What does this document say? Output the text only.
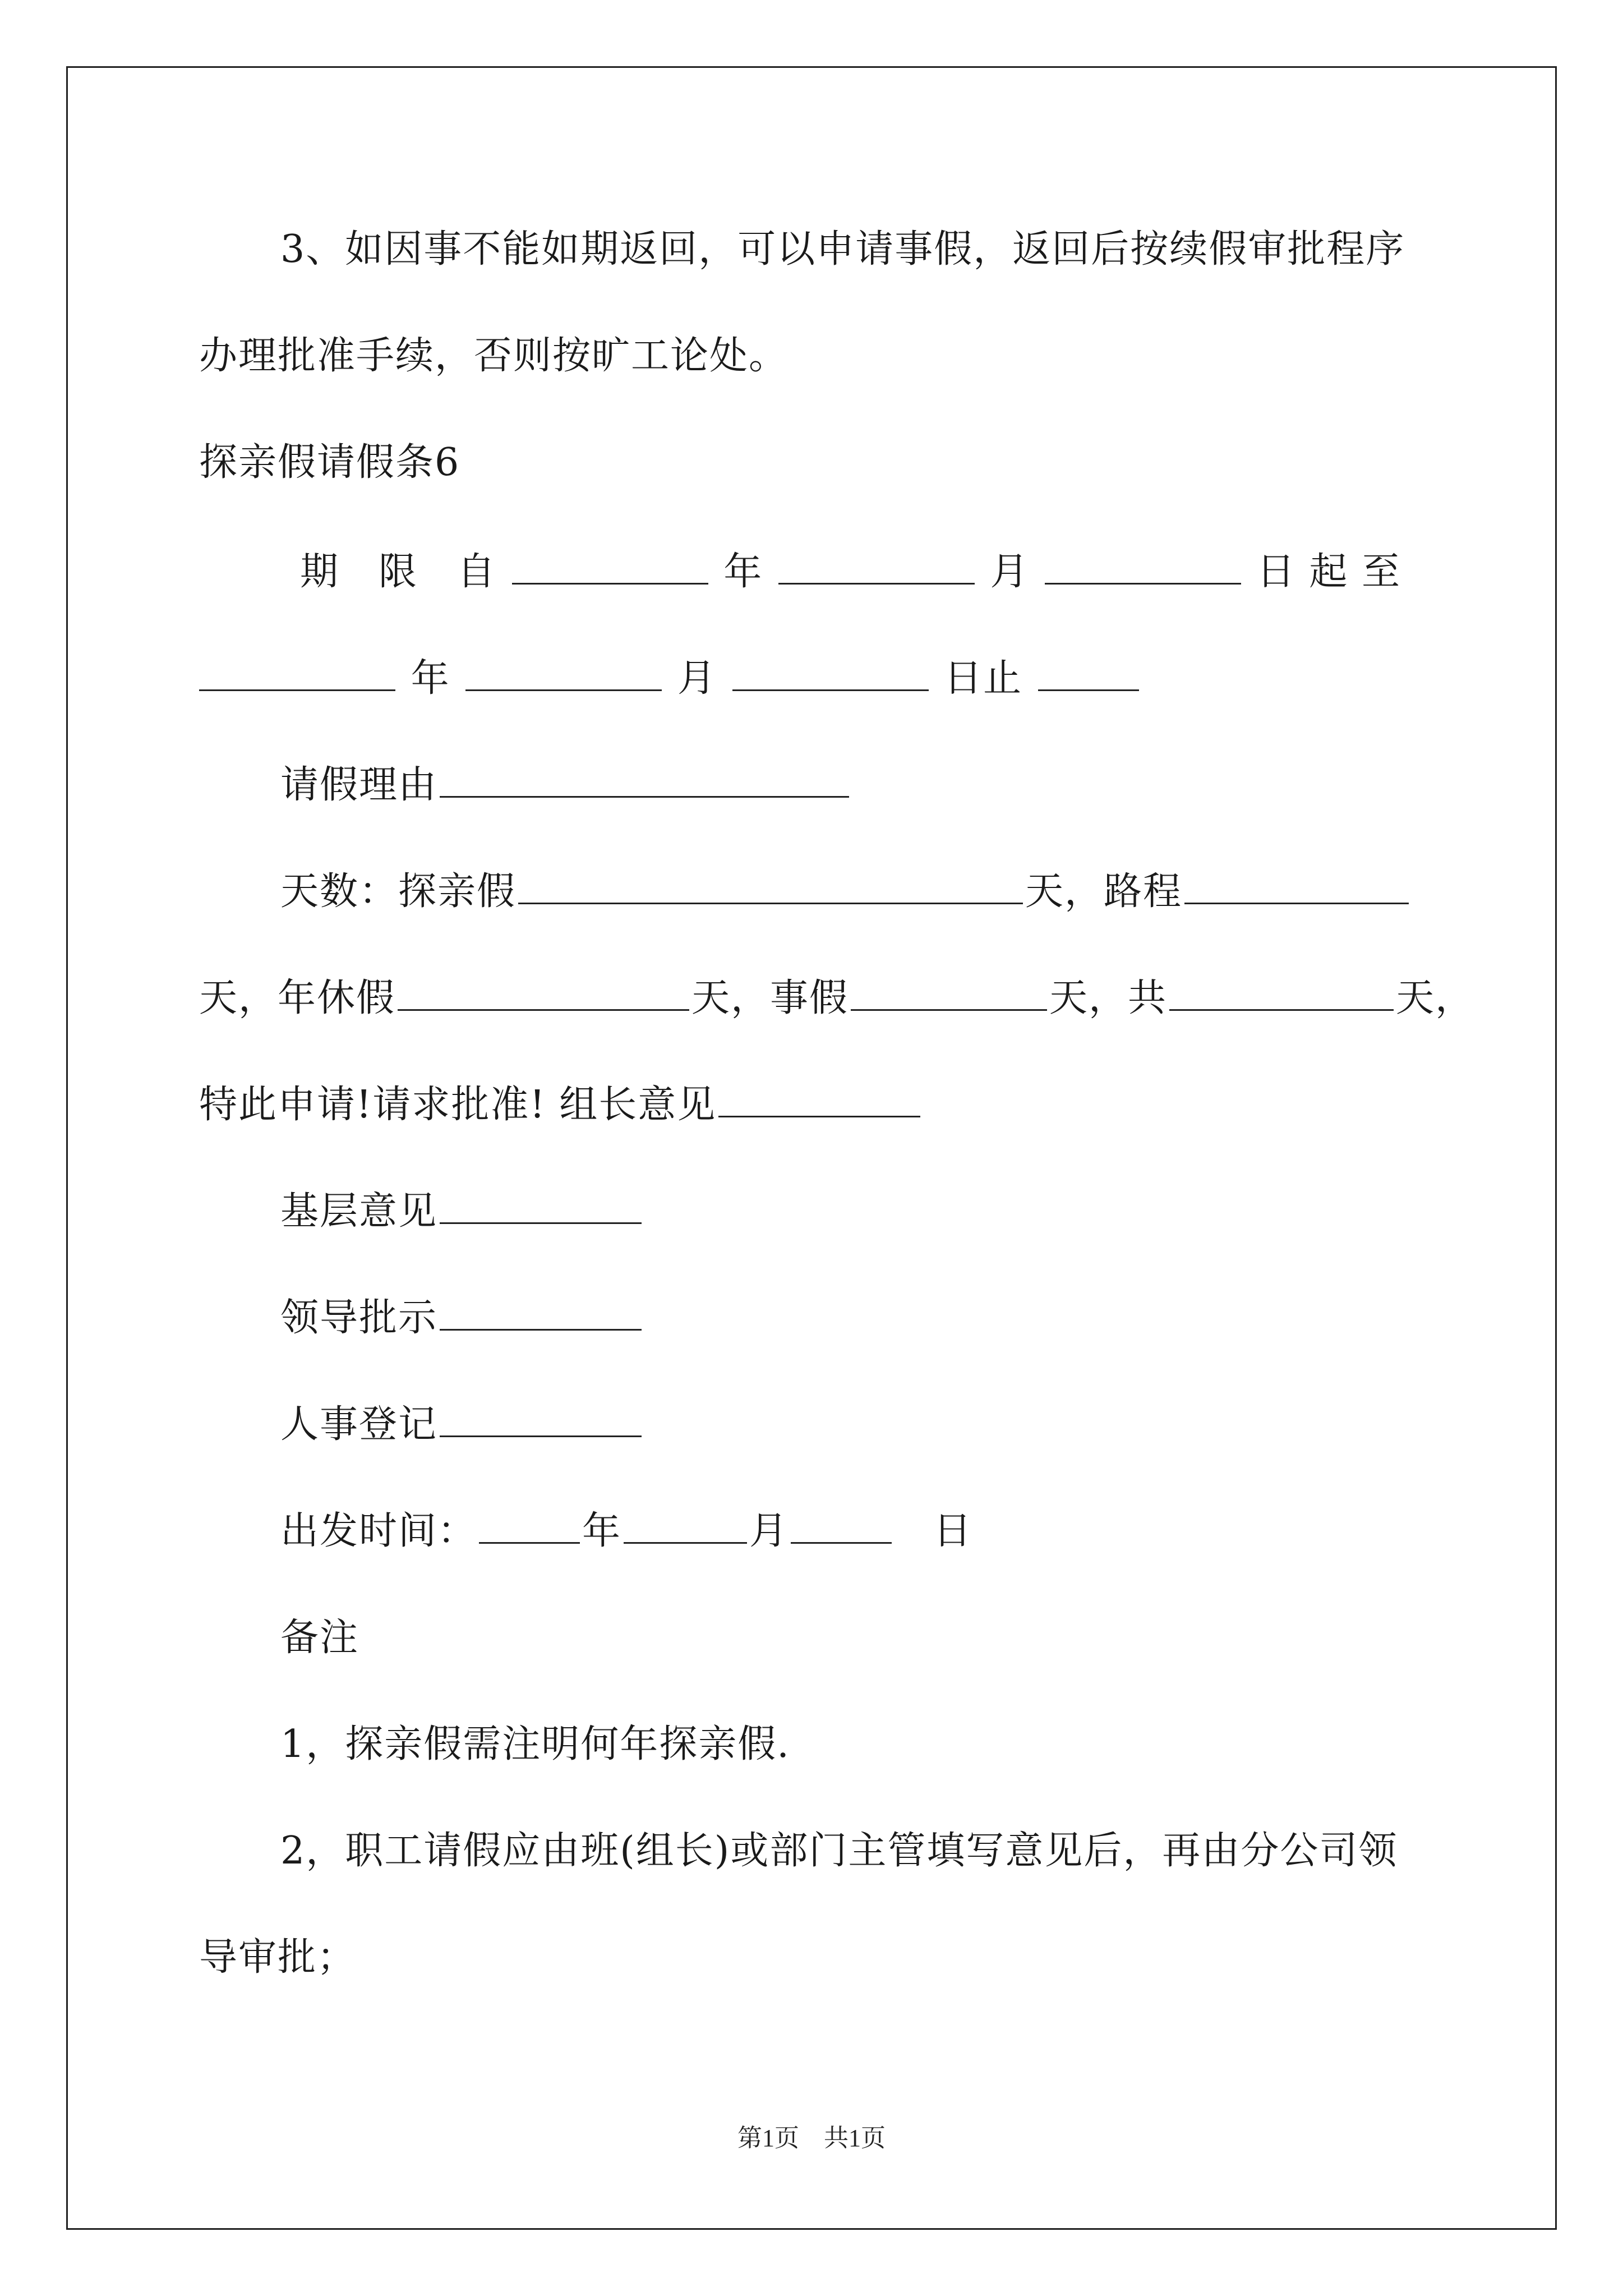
3、如因事不能如期返回，可以申请事假，返回后按续假审批程序
办理批准手续，否则按旷工论处。
探亲假请假条6
期　限　自	年	月	日 起 至
年	月	日止
请假理由
天数：探亲假	天，路程
天，年休假	天，事假	天，共	天，
特此申请!请求批准! 组长意见
基层意见
领导批示
人事登记
出发时间：	年	月　	日
备注
1，探亲假需注明何年探亲假.
2，职工请假应由班(组长)或部门主管填写意见后，再由分公司领
导审批；
第1页　共1页
